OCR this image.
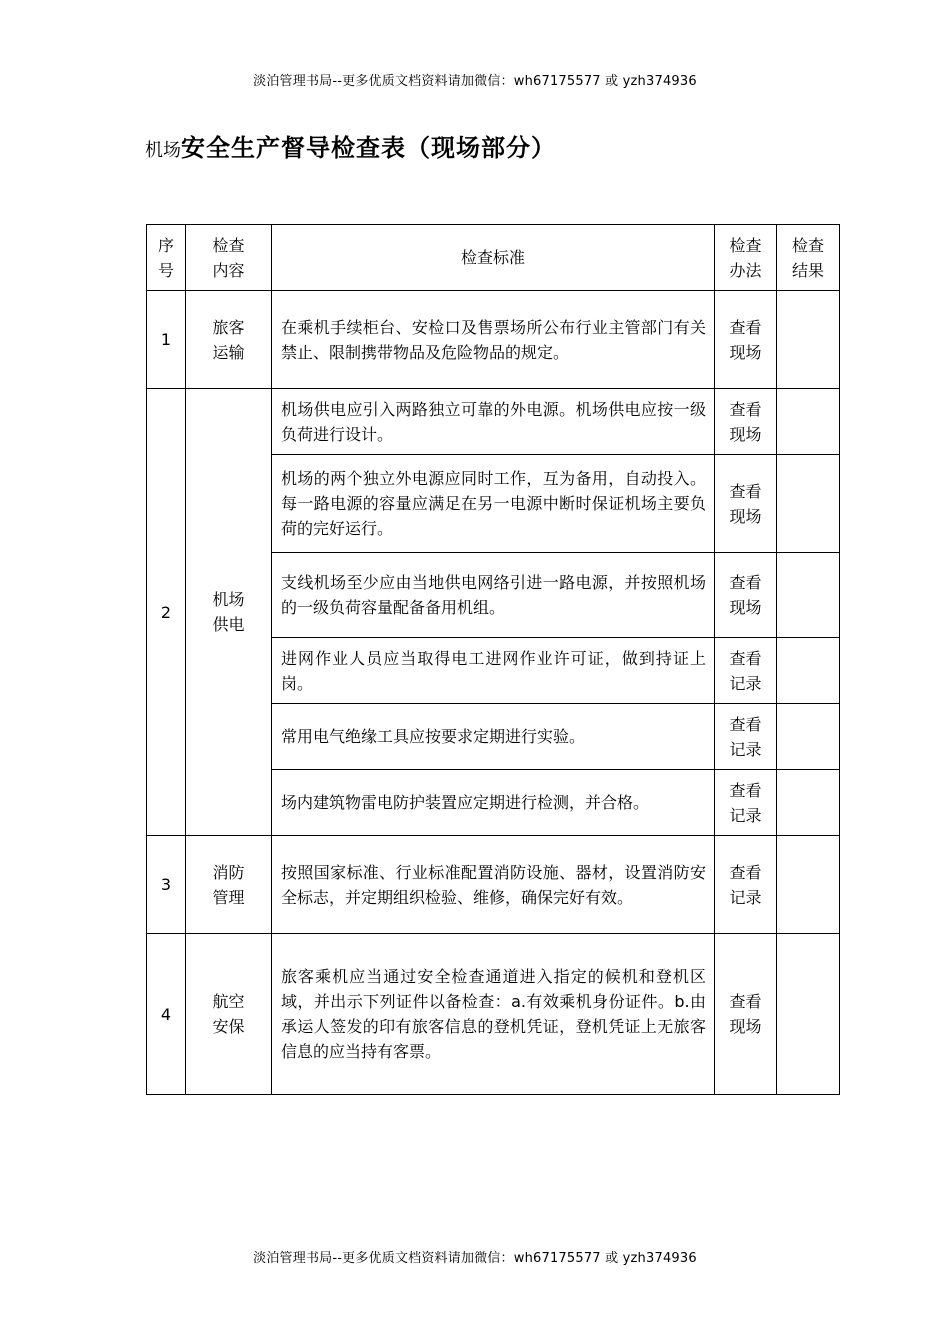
淡泊管理书局--更多优质文档资料请加微信：wh67175577 或 yzh374936
机场安全生产督导检查表（现场部分）
序号	检查内容	检查标准	检查办法	检查结果
1	旅客运输	在乘机手续柜台、安检口及售票场所公布行业主管部门有关禁止、限制携带物品及危险物品的规定。	查看现场	
2	机场供电	机场供电应引入两路独立可靠的外电源。机场供电应按一级负荷进行设计。	查看现场	
		机场的两个独立外电源应同时工作，互为备用，自动投入。每一路电源的容量应满足在另一电源中断时保证机场主要负荷的完好运行。	查看现场	
		支线机场至少应由当地供电网络引进一路电源，并按照机场的一级负荷容量配备备用机组。	查看现场	
		进网作业人员应当取得电工进网作业许可证，做到持证上岗。	查看记录	
		常用电气绝缘工具应按要求定期进行实验。	查看记录	
		场内建筑物雷电防护装置应定期进行检测，并合格。	查看记录	
3	消防管理	按照国家标准、行业标准配置消防设施、器材，设置消防安全标志，并定期组织检验、维修，确保完好有效。	查看记录	
4	航空安保	旅客乘机应当通过安全检查通道进入指定的候机和登机区域，并出示下列证件以备检查：a.有效乘机身份证件。b.由承运人签发的印有旅客信息的登机凭证，登机凭证上无旅客信息的应当持有客票。	查看现场	
淡泊管理书局--更多优质文档资料请加微信：wh67175577 或 yzh374936
